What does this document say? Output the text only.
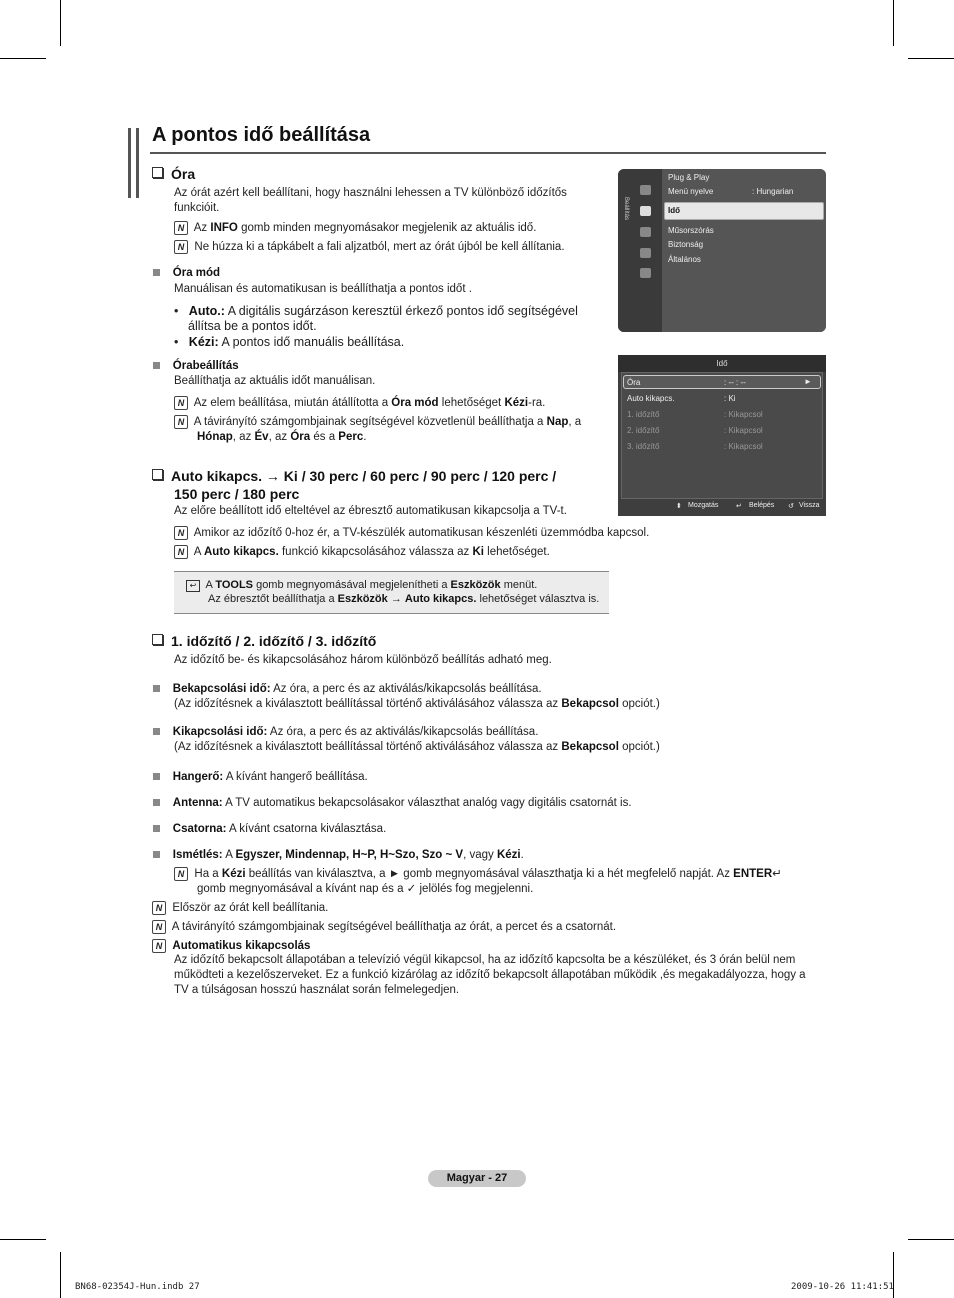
A pontos idő beállítása
Óra
Az órát azért kell beállítani, hogy használni lehessen a TV különböző időzítős funkcióit.
N Az INFO gomb minden megnyomásakor megjelenik az aktuális idő.
N Ne húzza ki a tápkábelt a fali aljzatból, mert az órát újból be kell állítania.
Óra mód
Manuálisan és automatikusan is beállíthatja a pontos időt .
•   Auto.: A digitális sugárzáson keresztül érkező pontos idő segítségével
állítsa be a pontos időt.
•   Kézi: A pontos idő manuális beállítása.
Órabeállítás
Beállíthatja az aktuális időt manuálisan.
N Az elem beállítása, miután átállította a Óra mód lehetőséget Kézi-ra.
N A távirányító számgombjainak segítségével közvetlenül beállíthatja a Nap, a
Hónap, az Év, az Óra és a Perc.
Auto kikapcs. → Ki / 30 perc / 60 perc / 90 perc / 120 perc /
150 perc / 180 perc
Az előre beállított idő elteltével az ébresztő automatikusan kikapcsolja a TV-t.
N Amikor az időzítő 0-hoz ér, a TV-készülék automatikusan készenléti üzemmódba kapcsol.
N A Auto kikapcs. funkció kikapcsolásához válassza az Ki lehetőséget.
↩ A TOOLS gomb megnyomásával megjelenítheti a Eszközök menüt.
Az ébresztőt beállíthatja a Eszközök → Auto kikapcs. lehetőséget választva is.
1. időzítő / 2. időzítő / 3. időzítő
Az időzítő be- és kikapcsolásához három különböző beállítás adható meg.
Bekapcsolási idő: Az óra, a perc és az aktiválás/kikapcsolás beállítása.
(Az időzítésnek a kiválasztott beállítással történő aktiválásához válassza az Bekapcsol opciót.)
Kikapcsolási idő: Az óra, a perc és az aktiválás/kikapcsolás beállítása.
(Az időzítésnek a kiválasztott beállítással történő aktiválásához válassza az Bekapcsol opciót.)
Hangerő: A kívánt hangerő beállítása.
Antenna: A TV automatikus bekapcsolásakor választhat analóg vagy digitális csatornát is.
Csatorna: A kívánt csatorna kiválasztása.
Ismétlés: A Egyszer, Mindennap, H~P, H~Szo, Szo ~ V, vagy Kézi.
N Ha a Kézi beállítás van kiválasztva, a ► gomb megnyomásával választhatja ki a hét megfelelő napját. Az ENTER↵
gomb megnyomásával a kívánt nap és a ✓ jelölés fog megjelenni.
N Először az órát kell beállítania.
N A távirányító számgombjainak segítségével beállíthatja az órát, a percet és a csatornát.
N Automatikus kikapcsolás
Az időzítő bekapcsolt állapotában a televízió végül kikapcsol, ha az időzítő kapcsolta be a készüléket, és 3 órán belül nem
működteti a kezelőszerveket. Ez a funkció kizárólag az időzítő bekapcsolt állapotában működik ,és megakadályozza, hogy a
TV a túlságosan hosszú használat során felmelegedjen.
Beállítás
Plug & Play
Menü nyelve	: Hungarian
Idő
Műsorszórás
Biztonság
Általános
Idő
Óra	: -- : --	►
Auto kikapcs.	: Ki
1. időzítő	: Kikapcsol
2. időzítő	: Kikapcsol
3. időzítő	: Kikapcsol
⬍ Mozgatás	↵ Belépés ↺ Vissza
Magyar - 27
BN68-02354J-Hun.indb 27	2009-10-26 11:41:51
